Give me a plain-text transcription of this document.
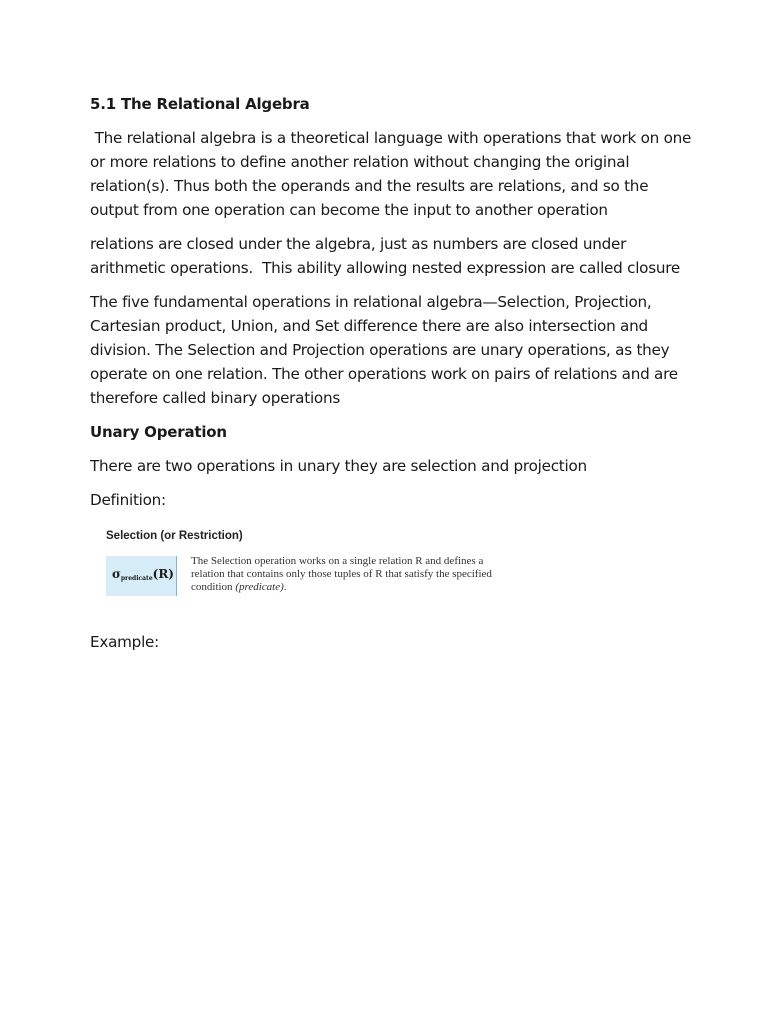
5.1 The Relational Algebra
The relational algebra is a theoretical language with operations that work on one
or more relations to define another relation without changing the original
relation(s). Thus both the operands and the results are relations, and so the
output from one operation can become the input to another operation
relations are closed under the algebra, just as numbers are closed under
arithmetic operations.  This ability allowing nested expression are called closure
The five fundamental operations in relational algebra—Selection, Projection,
Cartesian product, Union, and Set difference there are also intersection and
division. The Selection and Projection operations are unary operations, as they
operate on one relation. The other operations work on pairs of relations and are
therefore called binary operations
Unary Operation
There are two operations in unary they are selection and projection
Definition:
Selection (or Restriction)
$\sigma_{predicate}(R)$
The Selection operation works on a single relation R and defines a
relation that contains only those tuples of R that satisfy the specified
condition (predicate).
Example:
